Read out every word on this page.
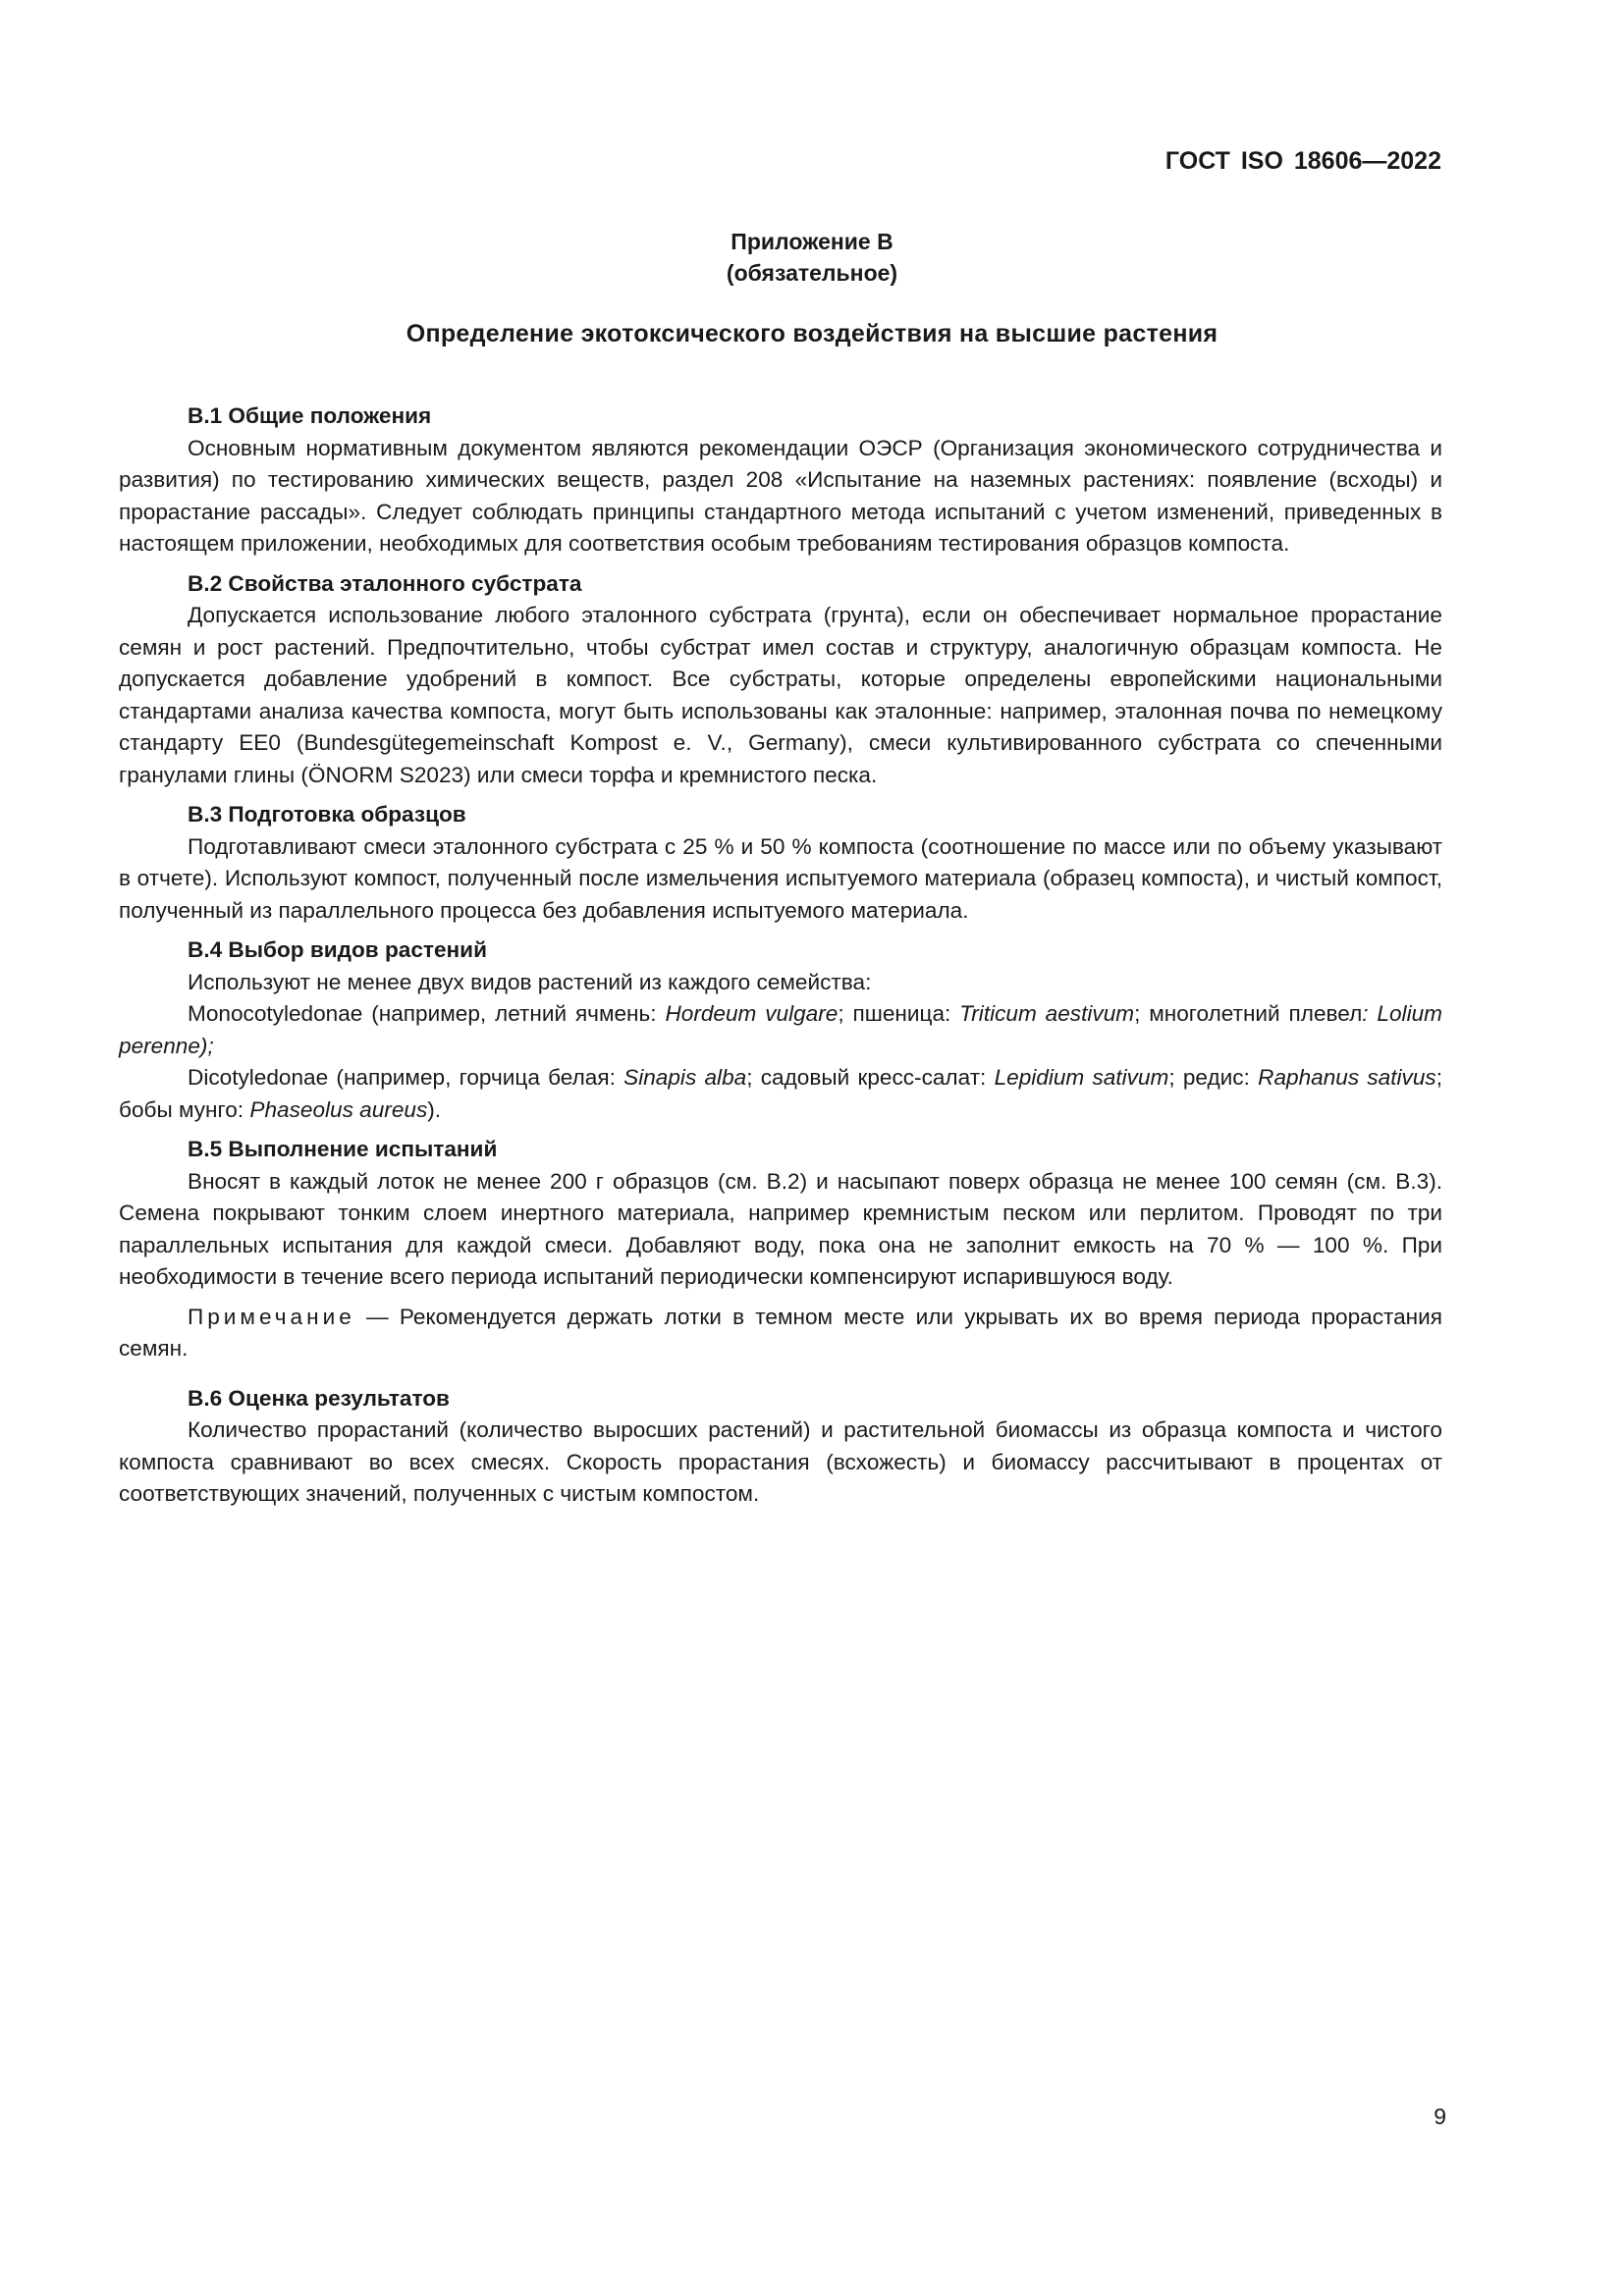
ГОСТ ISO 18606—2022
Приложение В
(обязательное)
Определение экотоксического воздействия на высшие растения

В.1 Общие положения

Основным нормативным документом являются рекомендации ОЭСР (Организация экономического сотрудничества и развития) по тестированию химических веществ, раздел 208 «Испытание на наземных растениях: появление (всходы) и прорастание рассады». Следует соблюдать принципы стандартного метода испытаний с учетом изменений, приведенных в настоящем приложении, необходимых для соответствия особым требованиям тестирования образцов компоста.

В.2 Свойства эталонного субстрата

Допускается использование любого эталонного субстрата (грунта), если он обеспечивает нормальное прорастание семян и рост растений. Предпочтительно, чтобы субстрат имел состав и структуру, аналогичную образцам компоста. Не допускается добавление удобрений в компост. Все субстраты, которые определены европейскими национальными стандартами анализа качества компоста, могут быть использованы как эталонные: например, эталонная почва по немецкому стандарту EE0 (Bundesgütegemeinschaft Kompost e. V., Germany), смеси культивированного субстрата со спеченными гранулами глины (ÖNORM S2023) или смеси торфа и кремнистого песка.

В.3 Подготовка образцов

Подготавливают смеси эталонного субстрата с 25 % и 50 % компоста (соотношение по массе или по объему указывают в отчете). Используют компост, полученный после измельчения испытуемого материала (образец компоста), и чистый компост, полученный из параллельного процесса без добавления испытуемого материала.

В.4 Выбор видов растений

Используют не менее двух видов растений из каждого семейства:

Monocotyledonae (например, летний ячмень: Hordeum vulgare; пшеница: Triticum aestivum; многолетний плевел: Lolium perenne);

Dicotyledonae (например, горчица белая: Sinapis alba; садовый кресс-салат: Lepidium sativum; редис: Raphanus sativus; бобы мунго: Phaseolus aureus).

В.5 Выполнение испытаний

Вносят в каждый лоток не менее 200 г образцов (см. В.2) и насыпают поверх образца не менее 100 семян (см. В.3). Семена покрывают тонким слоем инертного материала, например кремнистым песком или перлитом. Проводят по три параллельных испытания для каждой смеси. Добавляют воду, пока она не заполнит емкость на 70 % — 100 %. При необходимости в течение всего периода испытаний периодически компенсируют испарившуюся воду.

Примечание — Рекомендуется держать лотки в темном месте или укрывать их во время периода прорастания семян.

В.6 Оценка результатов

Количество прорастаний (количество выросших растений) и растительной биомассы из образца компоста и чистого компоста сравнивают во всех смесях. Скорость прорастания (всхожесть) и биомассу рассчитывают в процентах от соответствующих значений, полученных с чистым компостом.

9
